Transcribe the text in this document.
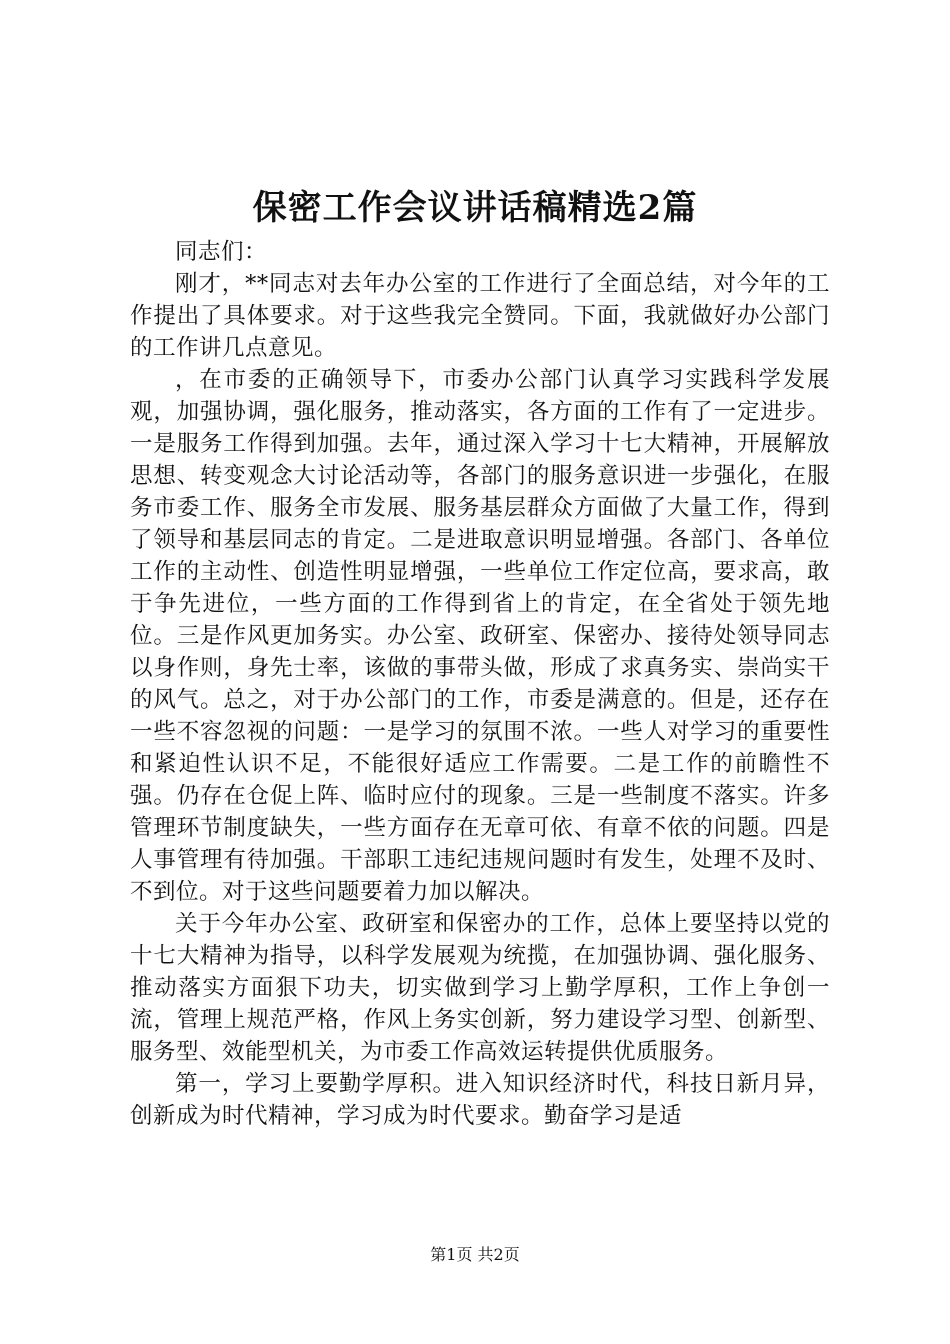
保密工作会议讲话稿精选2篇

同志们：

刚才，**同志对去年办公室的工作进行了全面总结，对今年的工作提出了具体要求。对于这些我完全赞同。下面，我就做好办公部门的工作讲几点意见。

，在市委的正确领导下，市委办公部门认真学习实践科学发展观，加强协调，强化服务，推动落实，各方面的工作有了一定进步。一是服务工作得到加强。去年，通过深入学习十七大精神，开展解放思想、转变观念大讨论活动等，各部门的服务意识进一步强化，在服务市委工作、服务全市发展、服务基层群众方面做了大量工作，得到了领导和基层同志的肯定。二是进取意识明显增强。各部门、各单位工作的主动性、创造性明显增强，一些单位工作定位高，要求高，敢于争先进位，一些方面的工作得到省上的肯定，在全省处于领先地位。三是作风更加务实。办公室、政研室、保密办、接待处领导同志以身作则，身先士率，该做的事带头做，形成了求真务实、崇尚实干的风气。总之，对于办公部门的工作，市委是满意的。但是，还存在一些不容忽视的问题：一是学习的氛围不浓。一些人对学习的重要性和紧迫性认识不足，不能很好适应工作需要。二是工作的前瞻性不强。仍存在仓促上阵、临时应付的现象。三是一些制度不落实。许多管理环节制度缺失，一些方面存在无章可依、有章不依的问题。四是人事管理有待加强。干部职工违纪违规问题时有发生，处理不及时、不到位。对于这些问题要着力加以解决。

关于今年办公室、政研室和保密办的工作，总体上要坚持以党的十七大精神为指导，以科学发展观为统揽，在加强协调、强化服务、推动落实方面狠下功夫，切实做到学习上勤学厚积，工作上争创一流，管理上规范严格，作风上务实创新，努力建设学习型、创新型、服务型、效能型机关，为市委工作高效运转提供优质服务。

第一，学习上要勤学厚积。进入知识经济时代，科技日新月异，创新成为时代精神，学习成为时代要求。勤奋学习是适

第1页 共2页
